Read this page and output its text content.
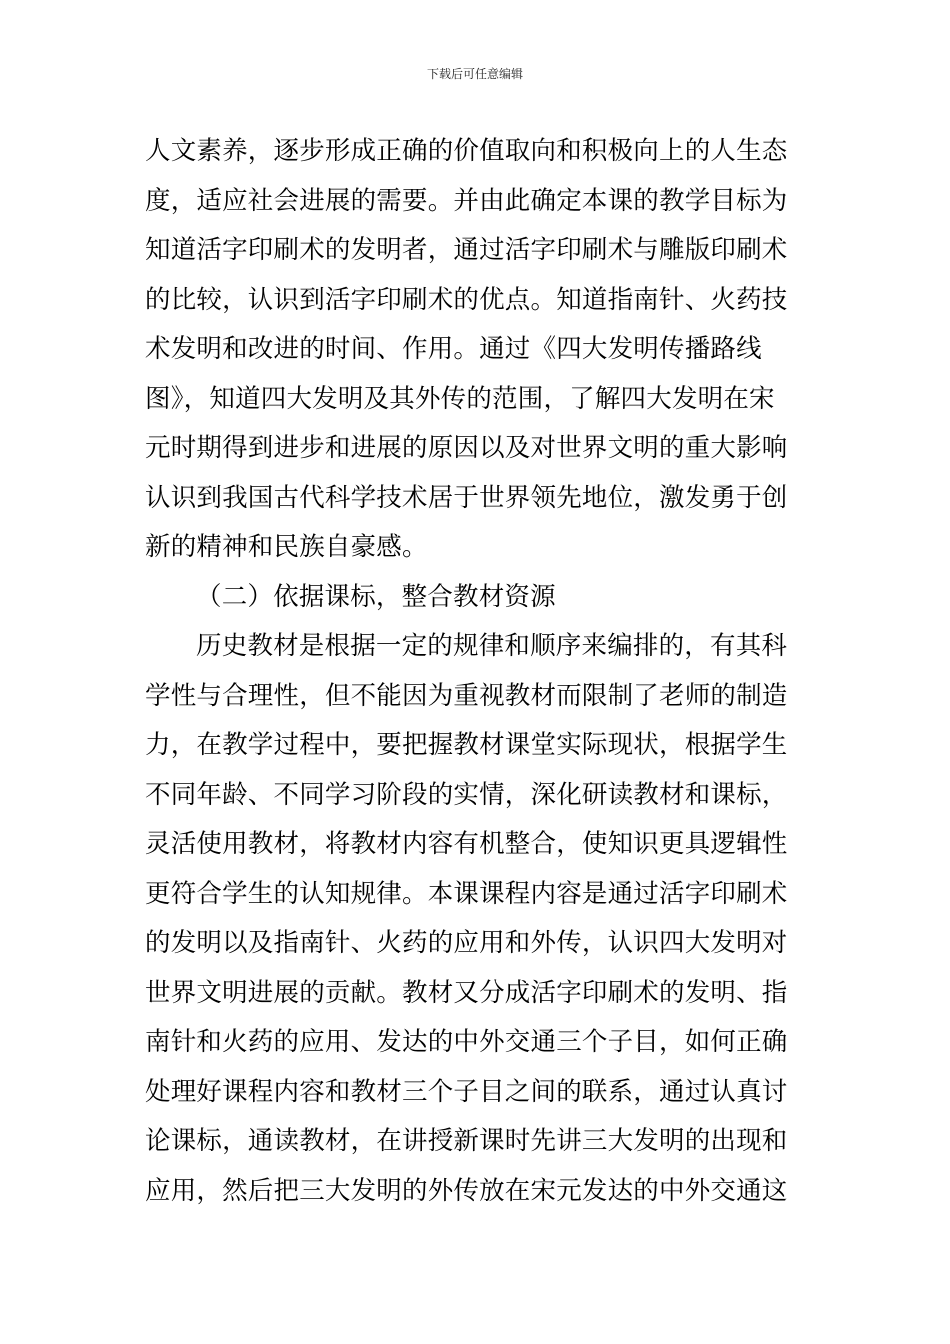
下载后可任意编辑
人文素养，逐步形成正确的价值取向和积极向上的人生态
度，适应社会进展的需要。并由此确定本课的教学目标为
知道活字印刷术的发明者，通过活字印刷术与雕版印刷术
的比较，认识到活字印刷术的优点。知道指南针、火药技
术发明和改进的时间、作用。通过《四大发明传播路线
图》，知道四大发明及其外传的范围，了解四大发明在宋
元时期得到进步和进展的原因以及对世界文明的重大影响
认识到我国古代科学技术居于世界领先地位，激发勇于创
新的精神和民族自豪感。
（二）依据课标，整合教材资源
历史教材是根据一定的规律和顺序来编排的，有其科
学性与合理性，但不能因为重视教材而限制了老师的制造
力，在教学过程中，要把握教材课堂实际现状，根据学生
不同年龄、不同学习阶段的实情，深化研读教材和课标，
灵活使用教材，将教材内容有机整合，使知识更具逻辑性
更符合学生的认知规律。本课课程内容是通过活字印刷术
的发明以及指南针、火药的应用和外传，认识四大发明对
世界文明进展的贡献。教材又分成活字印刷术的发明、指
南针和火药的应用、发达的中外交通三个子目，如何正确
处理好课程内容和教材三个子目之间的联系，通过认真讨
论课标，通读教材，在讲授新课时先讲三大发明的出现和
应用，然后把三大发明的外传放在宋元发达的中外交通这
